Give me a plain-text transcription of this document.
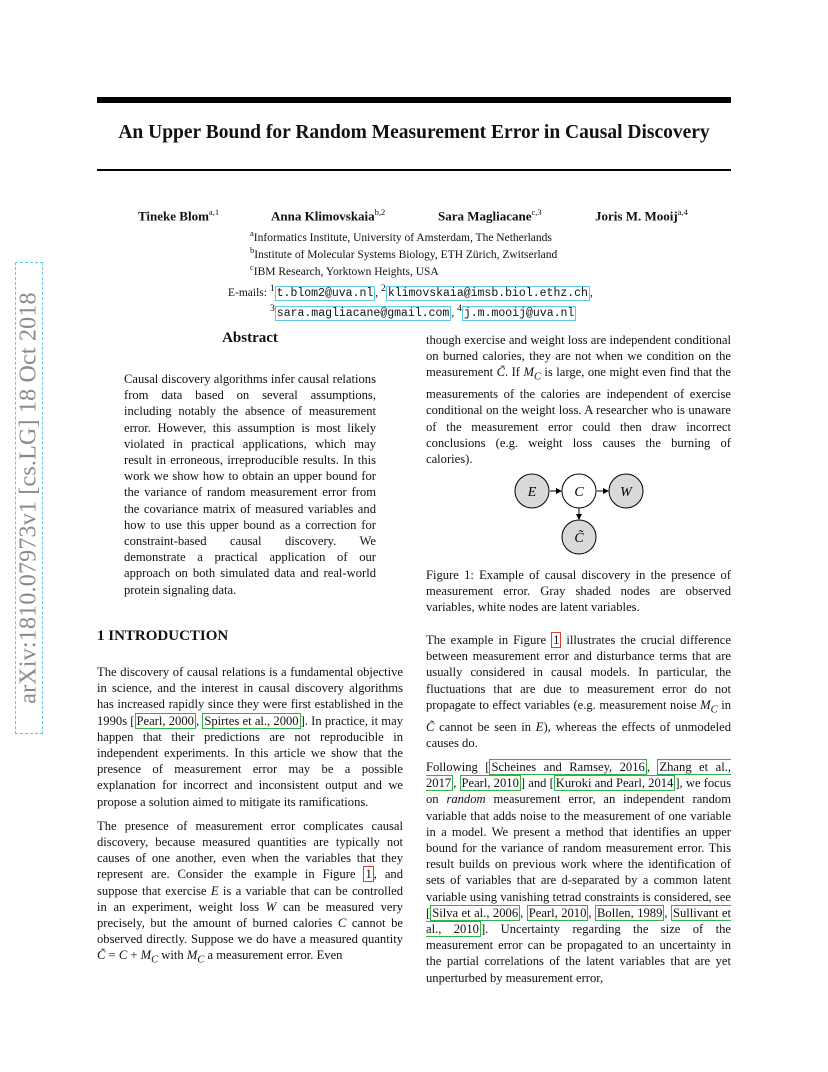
An Upper Bound for Random Measurement Error in Causal Discovery
arXiv:1810.07973v1 [cs.LG] 18 Oct 2018
Tineke Blom$^{a,1}$	Anna Klimovskaia$^{b,2}$	Sara Magliacane$^{c,3}$	Joris M. Mooij$^{a,4}$
$^a$Informatics Institute, University of Amsterdam, The Netherlands
$^b$Institute of Molecular Systems Biology, ETH Zürich, Zwitserland
$^c$IBM Research, Yorktown Heights, USA
E-mails: $^1$ t.blom2@uva.nl , $^2$ klimovskaia@imsb.biol.ethz.ch ,
$^3$ sara.magliacane@gmail.com , $^4$ j.m.mooij@uva.nl
Abstract
Causal discovery algorithms infer causal relations from data based on several assumptions, including notably the absence of measurement error. However, this assumption is most likely violated in practical applications, which may result in erroneous, irreproducible results. In this work we show how to obtain an upper bound for the variance of random measurement error from the covariance matrix of measured variables and how to use this upper bound as a correction for constraint-based causal discovery. We demonstrate a practical application of our approach on both simulated data and real-world protein signaling data.
1 INTRODUCTION

The discovery of causal relations is a fundamental objective in science, and the interest in causal discovery algorithms has increased rapidly since they were first established in the 1990s [ Pearl, 2000 , Spirtes et al., 2000 ]. In practice, it may happen that their predictions are not reproducible in independent experiments. In this article we show that the presence of measurement error may be a possible explanation for incorrect and inconsistent output and we propose a solution aimed to mitigate its ramifications.

The presence of measurement error complicates causal discovery, because measured quantities are typically not causes of one another, even when the variables that they represent are. Consider the example in Figure 1 , and suppose that exercise E is a variable that can be controlled in an experiment, weight loss W can be measured very precisely, but the amount of burned calories C cannot be observed directly. Suppose we do have a measured quantity C̃ = $C + M_C$ with $M_C$ a measurement error. Even

though exercise and weight loss are independent conditional on burned calories, they are not when we condition on the measurement C̃. If $M_C$ is large, one might even find that the measurements of the calories are independent of exercise conditional on the weight loss. A researcher who is unaware of the measurement error could then draw incorrect conclusions (e.g. weight loss causes the burning of calories).

E	C	W
C̃
Figure 1: Example of causal discovery in the presence of measurement error. Gray shaded nodes are observed variables, white nodes are latent variables.

The example in Figure 1 illustrates the crucial difference between measurement error and disturbance terms that are usually considered in causal models. In particular, the fluctuations that are due to measurement error do not propagate to effect variables (e.g. measurement noise $M_C$ in C̃ cannot be seen in E), whereas the effects of unmodeled causes do.

Following [ Scheines and Ramsey, 2016 , Zhang et al., 2017 , Pearl, 2010 ] and [ Kuroki and Pearl, 2014 ], we focus on random measurement error, an independent random variable that adds noise to the measurement of one variable in a model. We present a method that identifies an upper bound for the variance of random measurement error. This result builds on previous work where the identification of sets of variables that are d-separated by a common latent variable using vanishing tetrad constraints is considered, see [ Silva et al., 2006 , Pearl, 2010 , Bollen, 1989 , Sullivant et al., 2010 ]. Uncertainty regarding the size of the measurement error can be propagated to an uncertainty in the partial correlations of the latent variables that are yet unperturbed by measurement error,
